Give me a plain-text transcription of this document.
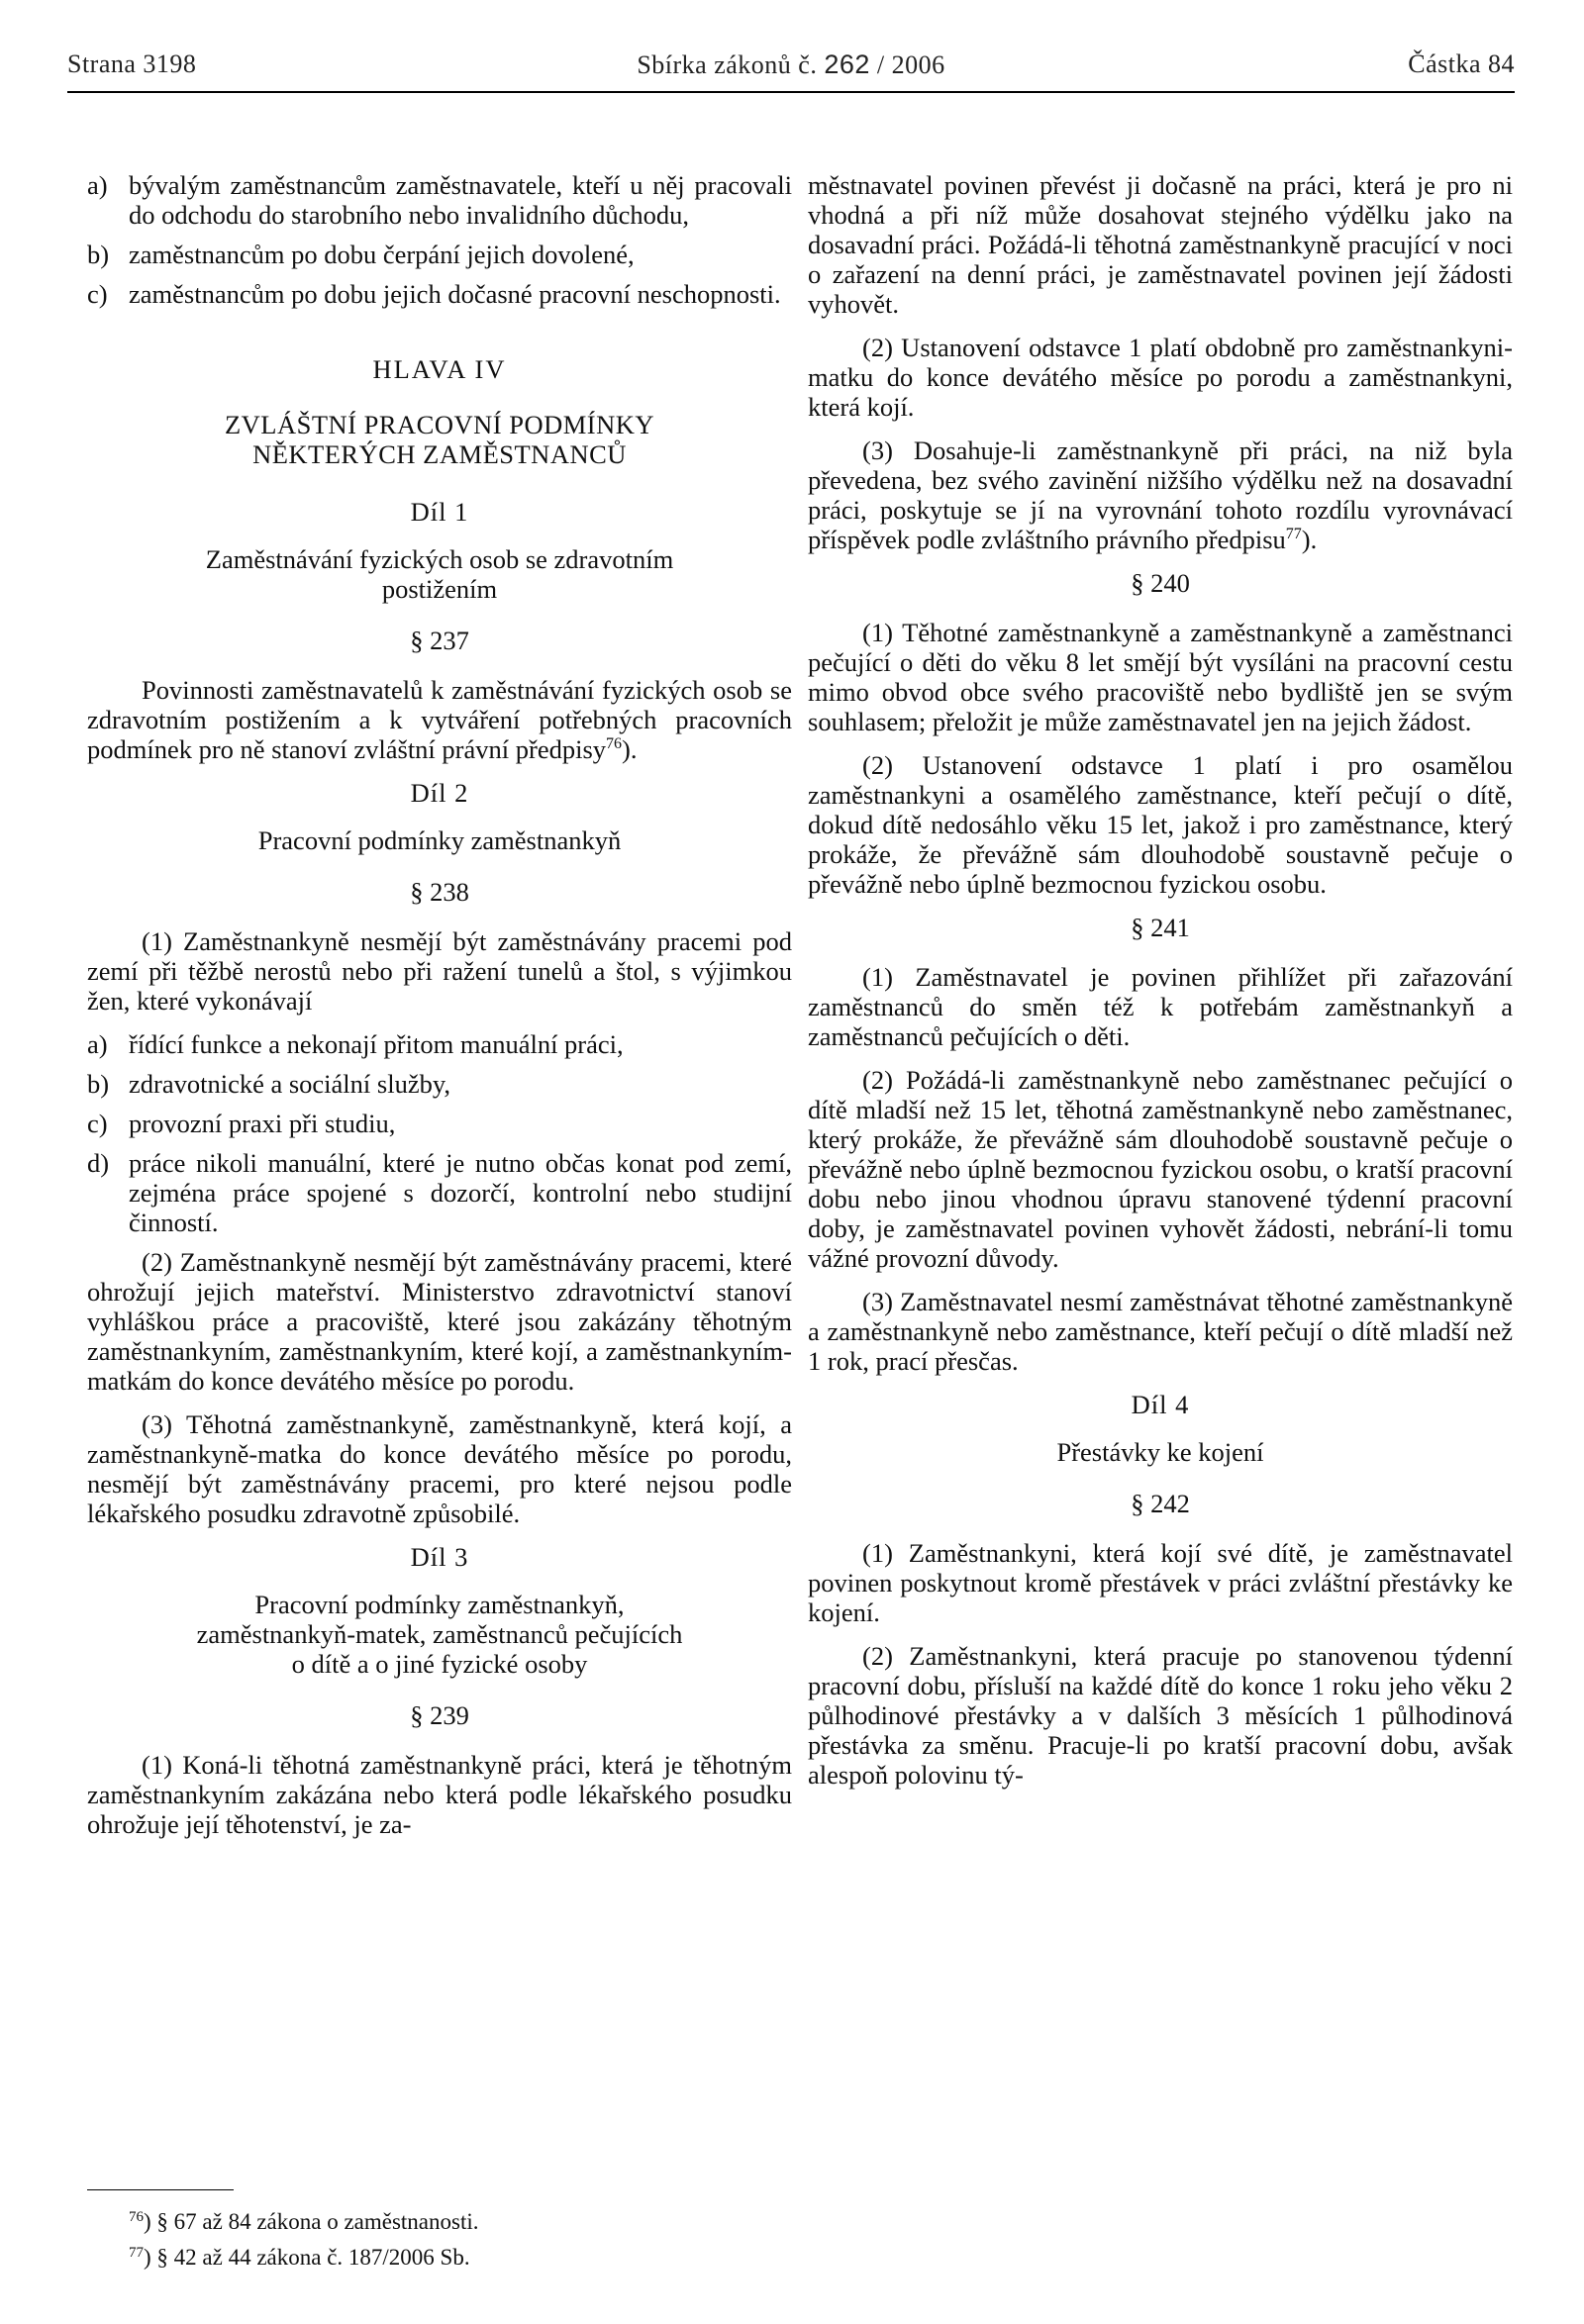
Strana 3198	Sbírka zákonů č. 262 / 2006	Částka 84
a) bývalým zaměstnancům zaměstnavatele, kteří u něj pracovali do odchodu do starobního nebo invalidního důchodu,
b) zaměstnancům po dobu čerpání jejich dovolené,
c) zaměstnancům po dobu jejich dočasné pracovní neschopnosti.

HLAVA IV

ZVLÁŠTNÍ PRACOVNÍ PODMÍNKY
NĚKTERÝCH ZAMĚSTNANCŮ

Díl 1

Zaměstnávání fyzických osob se zdravotním
postižením

§ 237

Povinnosti zaměstnavatelů k zaměstnávání fyzických osob se zdravotním postižením a k vytváření potřebných pracovních podmínek pro ně stanoví zvláštní právní předpisy$^{76}$).

Díl 2

Pracovní podmínky zaměstnankyň

§ 238

(1) Zaměstnankyně nesmějí být zaměstnávány pracemi pod zemí při těžbě nerostů nebo při ražení tunelů a štol, s výjimkou žen, které vykonávají

a) řídící funkce a nekonají přitom manuální práci,
b) zdravotnické a sociální služby,
c) provozní praxi při studiu,
d) práce nikoli manuální, které je nutno občas konat pod zemí, zejména práce spojené s dozorčí, kontrolní nebo studijní činností.

(2) Zaměstnankyně nesmějí být zaměstnávány pracemi, které ohrožují jejich mateřství. Ministerstvo zdravotnictví stanoví vyhláškou práce a pracoviště, které jsou zakázány těhotným zaměstnankyním, zaměstnankyním, které kojí, a zaměstnankyním-matkám do konce devátého měsíce po porodu.

(3) Těhotná zaměstnankyně, zaměstnankyně, která kojí, a zaměstnankyně-matka do konce devátého měsíce po porodu, nesmějí být zaměstnávány pracemi, pro které nejsou podle lékařského posudku zdravotně způsobilé.

Díl 3

Pracovní podmínky zaměstnankyň,
zaměstnankyň-matek, zaměstnanců pečujících
o dítě a o jiné fyzické osoby

§ 239

(1) Koná-li těhotná zaměstnankyně práci, která je těhotným zaměstnankyním zakázána nebo která podle lékařského posudku ohrožuje její těhotenství, je za-

městnavatel povinen převést ji dočasně na práci, která je pro ni vhodná a při níž může dosahovat stejného výdělku jako na dosavadní práci. Požádá-li těhotná zaměstnankyně pracující v noci o zařazení na denní práci, je zaměstnavatel povinen její žádosti vyhovět.

(2) Ustanovení odstavce 1 platí obdobně pro zaměstnankyni-matku do konce devátého měsíce po porodu a zaměstnankyni, která kojí.

(3) Dosahuje-li zaměstnankyně při práci, na niž byla převedena, bez svého zavinění nižšího výdělku než na dosavadní práci, poskytuje se jí na vyrovnání tohoto rozdílu vyrovnávací příspěvek podle zvláštního právního předpisu$^{77}$).

§ 240

(1) Těhotné zaměstnankyně a zaměstnankyně a zaměstnanci pečující o děti do věku 8 let smějí být vysíláni na pracovní cestu mimo obvod obce svého pracoviště nebo bydliště jen se svým souhlasem; přeložit je může zaměstnavatel jen na jejich žádost.

(2) Ustanovení odstavce 1 platí i pro osamělou zaměstnankyni a osamělého zaměstnance, kteří pečují o dítě, dokud dítě nedosáhlo věku 15 let, jakož i pro zaměstnance, který prokáže, že převážně sám dlouhodobě soustavně pečuje o převážně nebo úplně bezmocnou fyzickou osobu.

§ 241

(1) Zaměstnavatel je povinen přihlížet při zařazování zaměstnanců do směn též k potřebám zaměstnankyň a zaměstnanců pečujících o děti.

(2) Požádá-li zaměstnankyně nebo zaměstnanec pečující o dítě mladší než 15 let, těhotná zaměstnankyně nebo zaměstnanec, který prokáže, že převážně sám dlouhodobě soustavně pečuje o převážně nebo úplně bezmocnou fyzickou osobu, o kratší pracovní dobu nebo jinou vhodnou úpravu stanovené týdenní pracovní doby, je zaměstnavatel povinen vyhovět žádosti, nebrání-li tomu vážné provozní důvody.

(3) Zaměstnavatel nesmí zaměstnávat těhotné zaměstnankyně a zaměstnankyně nebo zaměstnance, kteří pečují o dítě mladší než 1 rok, prací přesčas.

Díl 4

Přestávky ke kojení

§ 242

(1) Zaměstnankyni, která kojí své dítě, je zaměstnavatel povinen poskytnout kromě přestávek v práci zvláštní přestávky ke kojení.

(2) Zaměstnankyni, která pracuje po stanovenou týdenní pracovní dobu, přísluší na každé dítě do konce 1 roku jeho věku 2 půlhodinové přestávky a v dalších 3 měsících 1 půlhodinová přestávka za směnu. Pracuje-li po kratší pracovní dobu, avšak alespoň polovinu tý-

$^{76}$) § 67 až 84 zákona o zaměstnanosti.
$^{77}$) § 42 až 44 zákona č. 187/2006 Sb.
